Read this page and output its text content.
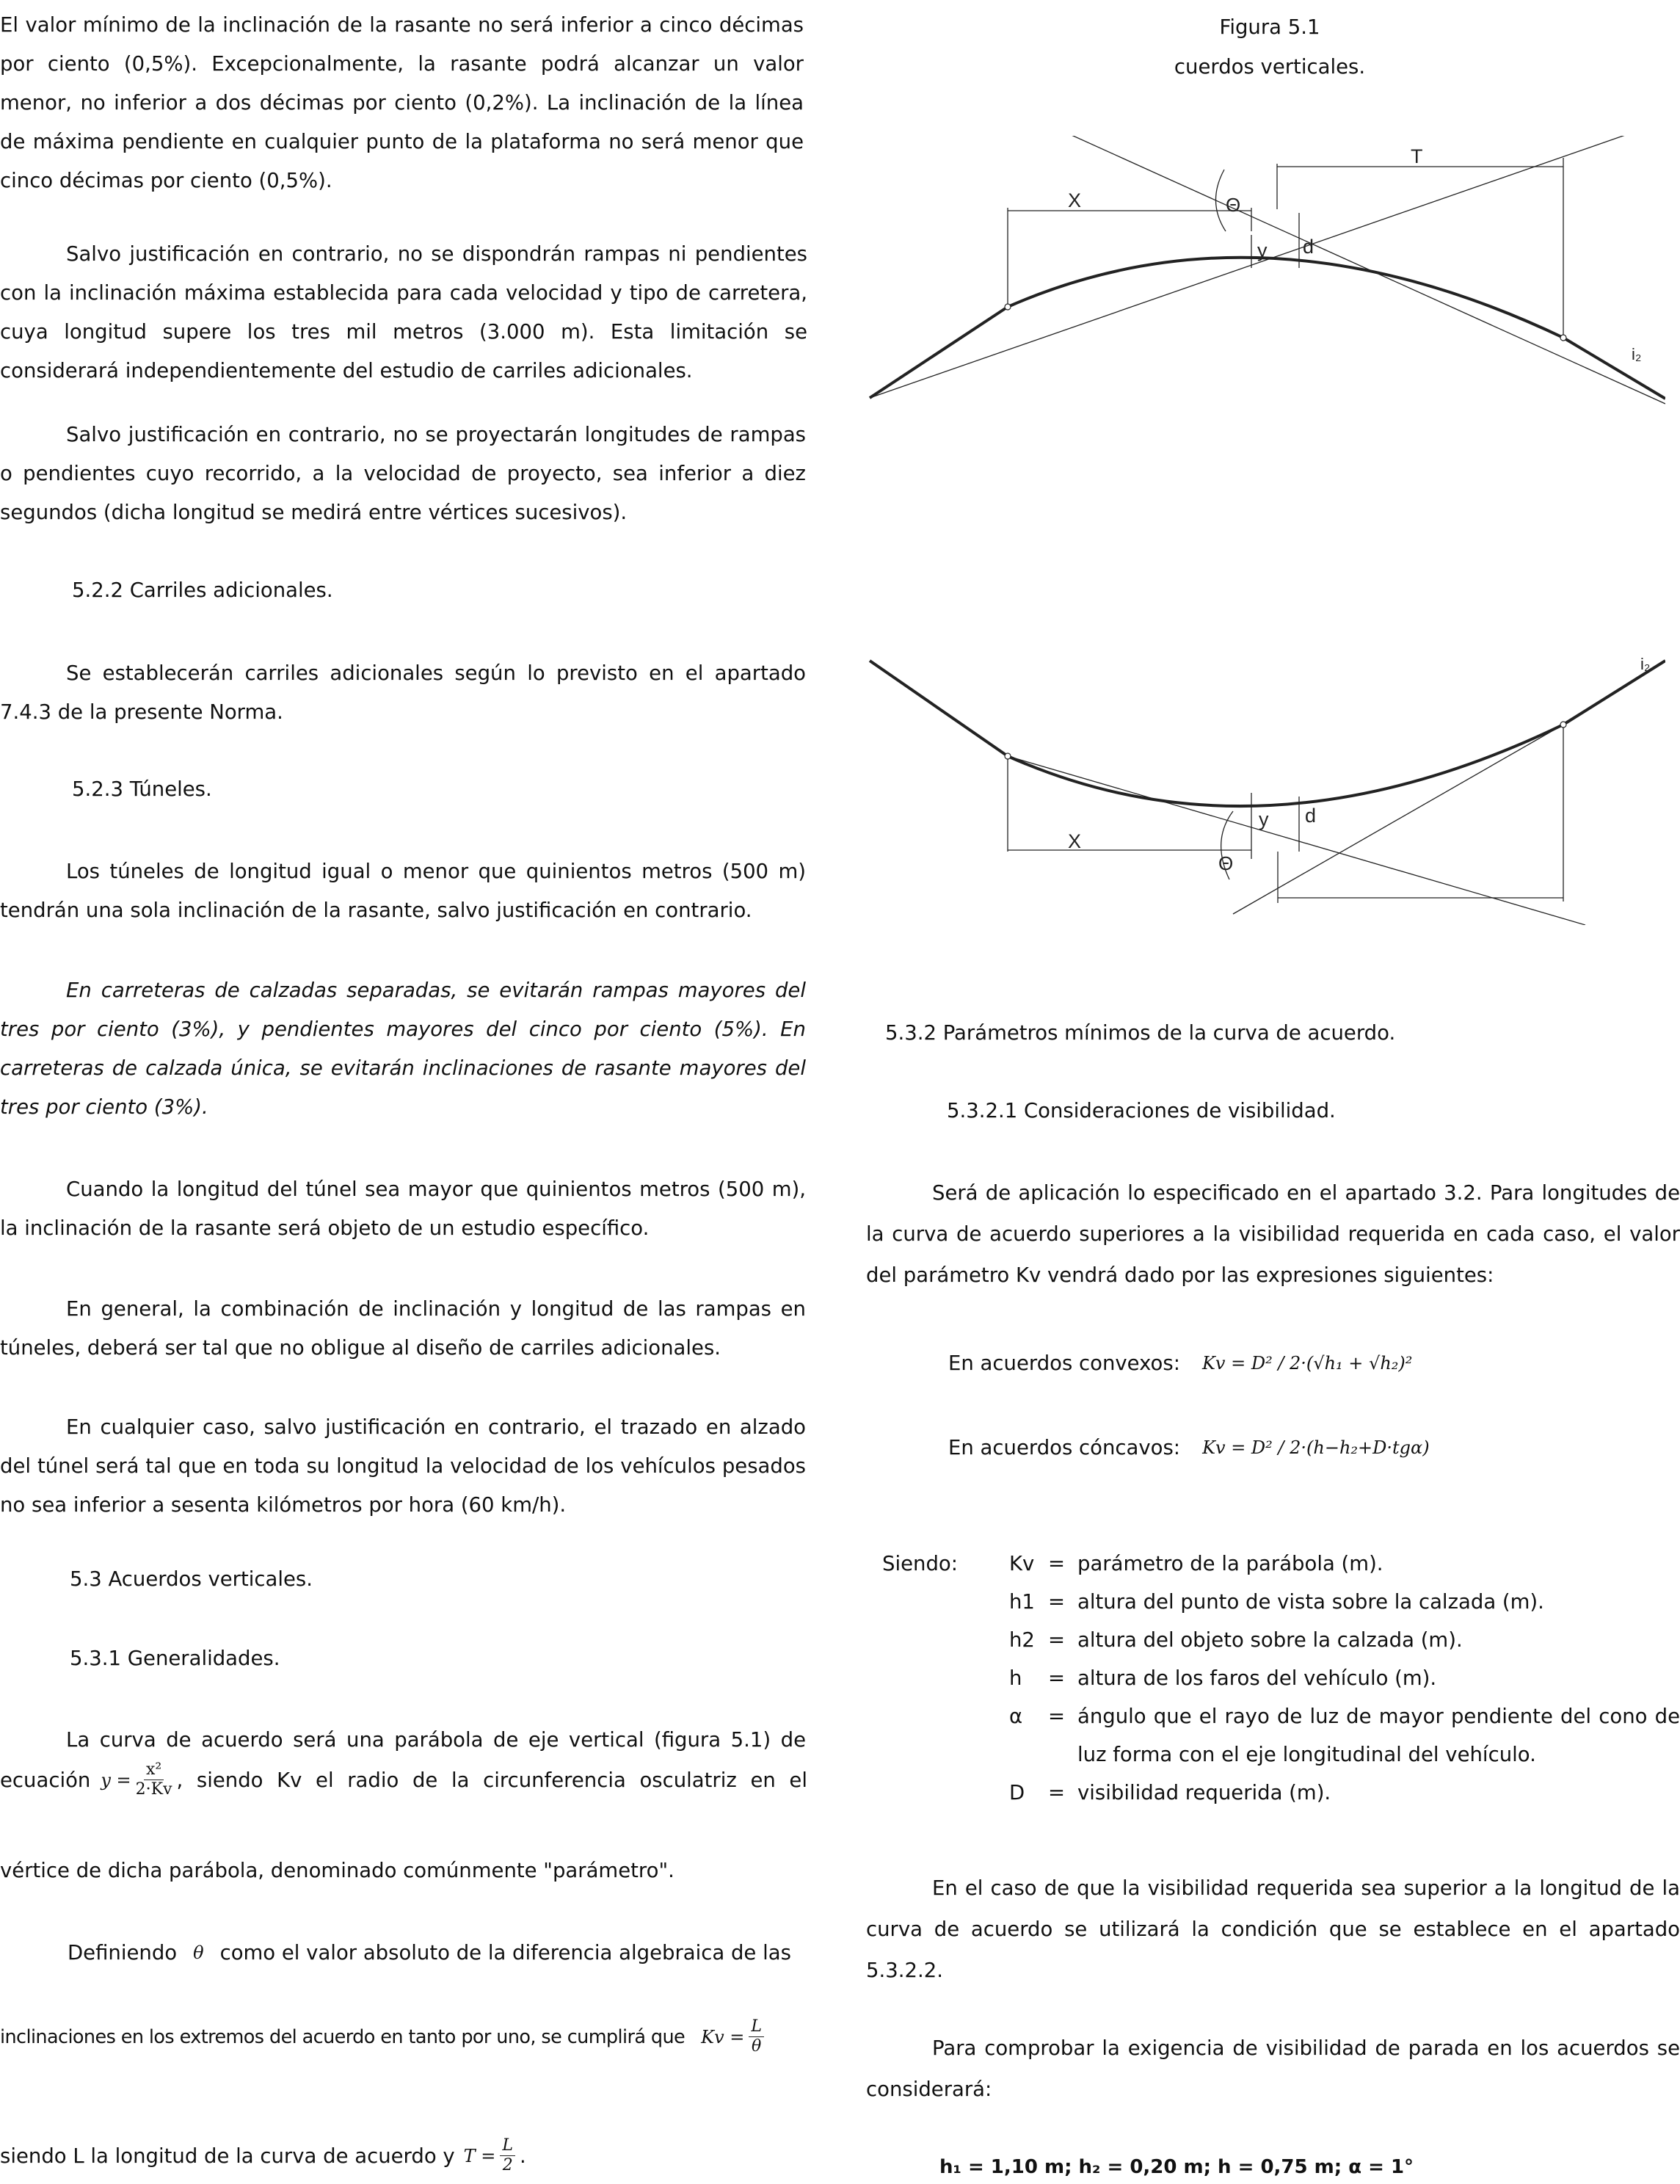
El valor mínimo de la inclinación de la rasante no será inferior a cinco décimas por ciento (0,5%). Excepcionalmente, la rasante podrá alcanzar un valor menor, no inferior a dos décimas por ciento (0,2%). La inclinación de la línea de máxima pendiente en cualquier punto de la plataforma no será menor que cinco décimas por ciento (0,5%).

Salvo justificación en contrario, no se dispondrán rampas ni pendientes con la inclinación máxima establecida para cada velocidad y tipo de carretera, cuya longitud supere los tres mil metros (3.000 m). Esta limitación se considerará independientemente del estudio de carriles adicionales.

Salvo justificación en contrario, no se proyectarán longitudes de rampas o pendientes cuyo recorrido, a la velocidad de proyecto, sea inferior a diez segundos (dicha longitud se medirá entre vértices sucesivos).

5.2.2 Carriles adicionales.

Se establecerán carriles adicionales según lo previsto en el apartado 7.4.3 de la presente Norma.

5.2.3 Túneles.

Los túneles de longitud igual o menor que quinientos metros (500 m) tendrán una sola inclinación de la rasante, salvo justificación en contrario.

En carreteras de calzadas separadas, se evitarán rampas mayores del tres por ciento (3%), y pendientes mayores del cinco por ciento (5%). En carreteras de calzada única, se evitarán inclinaciones de rasante mayores del tres por ciento (3%).

Cuando la longitud del túnel sea mayor que quinientos metros (500 m), la inclinación de la rasante será objeto de un estudio específico.

En general, la combinación de inclinación y longitud de las rampas en túneles, deberá ser tal que no obligue al diseño de carriles adicionales.

En cualquier caso, salvo justificación en contrario, el trazado en alzado del túnel será tal que en toda su longitud la velocidad de los vehículos pesados no sea inferior a sesenta kilómetros por hora (60 km/h).

5.3 Acuerdos verticales.

5.3.1 Generalidades.

La curva de acuerdo será una parábola de eje vertical (figura 5.1) de

ecuación $y = \frac{\text{x²}}{2\cdot Kv}$ , siendo Kv el radio de la circunferencia osculatriz en el

vértice de dicha parábola, denominado comúnmente "parámetro".

Definiendo θ como el valor absoluto de la diferencia algebraica de las
inclinaciones en los extremos del acuerdo en tanto por uno, se cumplirá que $Kv = \frac{L}{\theta}$
siendo L la longitud de la curva de acuerdo y $T = \frac{L}{2}$ .
Figura 5.1
cuerdos verticales.
X
T
Θ
y d
i₂
X
Θ
y d
i₂

5.3.2 Parámetros mínimos de la curva de acuerdo.

5.3.2.1 Consideraciones de visibilidad.

Será de aplicación lo especificado en el apartado 3.2. Para longitudes de la curva de acuerdo superiores a la visibilidad requerida en cada caso, el valor del parámetro Kv vendrá dado por las expresiones siguientes:

En acuerdos convexos: Kv = D² / 2·(√h₁ + √h₂)²
En acuerdos cóncavos: Kv = D² / 2·(h−h₂+D·tgα)
Siendo:	Kv = parámetro de la parábola (m).
h1 = altura del punto de vista sobre la calzada (m).
h2 = altura del objeto sobre la calzada (m).
h	= altura de los faros del vehículo (m).
α	= ángulo que el rayo de luz de mayor pendiente del cono de luz forma con el eje longitudinal del vehículo.
D	= visibilidad requerida (m).

En el caso de que la visibilidad requerida sea superior a la longitud de la curva de acuerdo se utilizará la condición que se establece en el apartado 5.3.2.2.

Para comprobar la exigencia de visibilidad de parada en los acuerdos se considerará:

h₁ = 1,10 m; h₂ = 0,20 m; h = 0,75 m; α = 1°
